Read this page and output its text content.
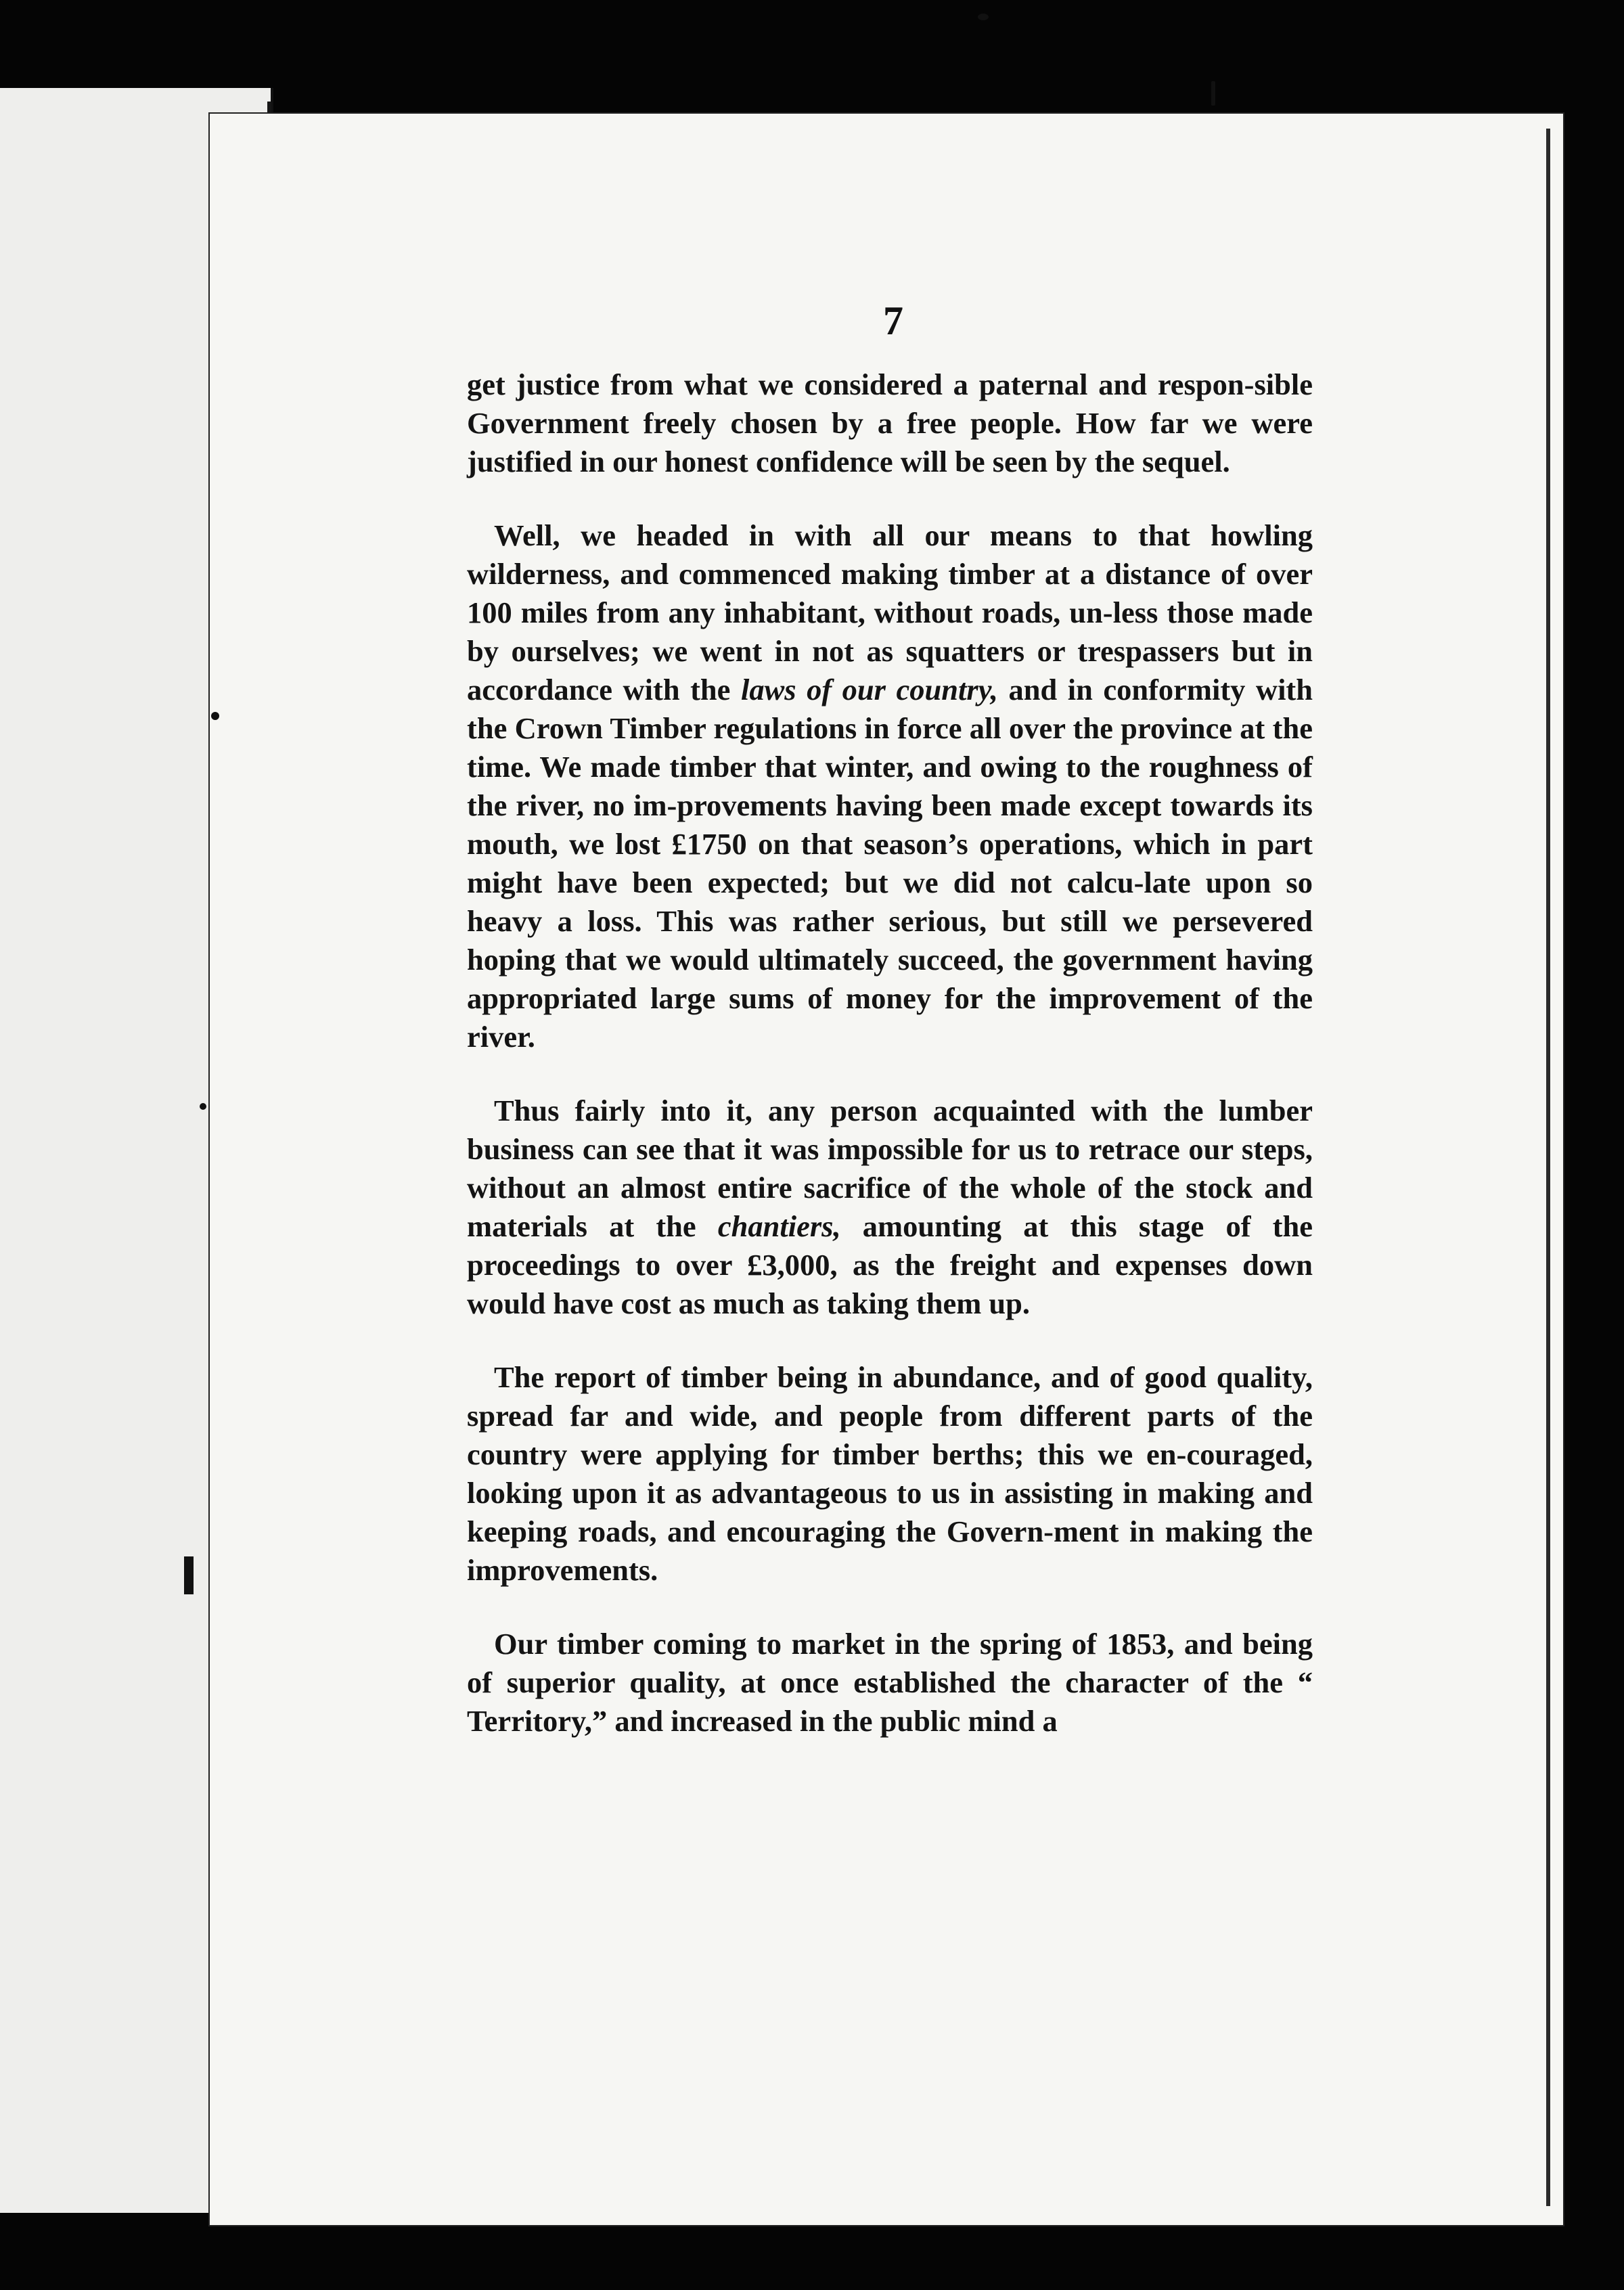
7

get justice from what we considered a paternal and respon-sible Government freely chosen by a free people. How far we were justified in our honest confidence will be seen by the sequel.

Well, we headed in with all our means to that howling wilderness, and commenced making timber at a distance of over 100 miles from any inhabitant, without roads, un-less those made by ourselves; we went in not as squatters or trespassers but in accordance with the laws of our country, and in conformity with the Crown Timber regulations in force all over the province at the time. We made timber that winter, and owing to the roughness of the river, no im-provements having been made except towards its mouth, we lost £1750 on that season’s operations, which in part might have been expected; but we did not calcu-late upon so heavy a loss. This was rather serious, but still we persevered hoping that we would ultimately succeed, the government having appropriated large sums of money for the improvement of the river.

Thus fairly into it, any person acquainted with the lumber business can see that it was impossible for us to retrace our steps, without an almost entire sacrifice of the whole of the stock and materials at the chantiers, amounting at this stage of the proceedings to over £3,000, as the freight and expenses down would have cost as much as taking them up.

The report of timber being in abundance, and of good quality, spread far and wide, and people from different parts of the country were applying for timber berths; this we en-couraged, looking upon it as advantageous to us in assisting in making and keeping roads, and encouraging the Govern-ment in making the improvements.

Our timber coming to market in the spring of 1853, and being of superior quality, at once established the character of the “ Territory,” and increased in the public mind a
